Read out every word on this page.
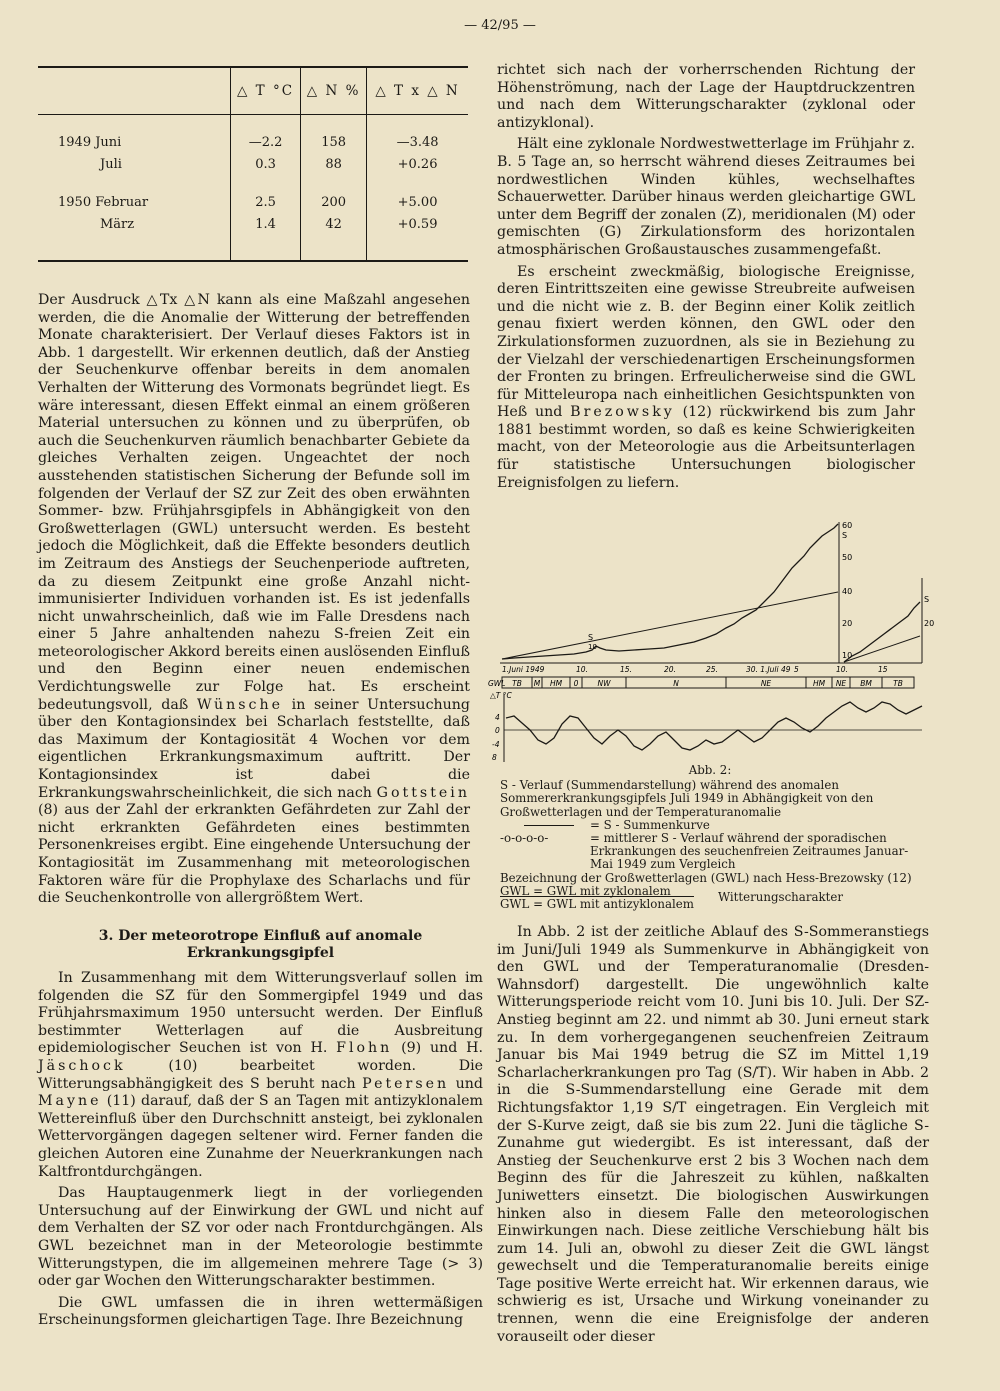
— 42/95 —
	△ T °C	△ N %	△ T x △ N

1949 Juni	—2.2	158	—3.48
Juli	0.3	88	+0.26

1950 Februar	2.5	200	+5.00
März	1.4	42	+0.59

Der Ausdruck △Tx △N kann als eine Maßzahl angesehen werden, die die Anomalie der Witterung der betreffenden Monate charakterisiert. Der Verlauf dieses Faktors ist in Abb. 1 dargestellt. Wir erkennen deutlich, daß der Anstieg der Seuchenkurve offenbar bereits in dem anomalen Verhalten der Witterung des Vormonats begründet liegt. Es wäre interessant, diesen Effekt einmal an einem größeren Material untersuchen zu können und zu überprüfen, ob auch die Seuchenkurven räumlich benachbarter Gebiete da gleiches Verhalten zeigen. Ungeachtet der noch ausstehenden statistischen Sicherung der Befunde soll im folgenden der Verlauf der SZ zur Zeit des oben erwähnten Sommer- bzw. Frühjahrsgipfels in Abhängigkeit von den Großwetterlagen (GWL) untersucht werden. Es besteht jedoch die Möglichkeit, daß die Effekte besonders deutlich im Zeitraum des Anstiegs der Seuchenperiode auftreten, da zu diesem Zeitpunkt eine große Anzahl nicht-immunisierter Individuen vorhanden ist. Es ist jedenfalls nicht unwahrscheinlich, daß wie im Falle Dresdens nach einer 5 Jahre anhaltenden nahezu S-freien Zeit ein meteorologischer Akkord bereits einen auslösenden Einfluß und den Beginn einer neuen endemischen Verdichtungswelle zur Folge hat. Es erscheint bedeutungsvoll, daß Wünsche in seiner Untersuchung über den Kontagionsindex bei Scharlach feststellte, daß das Maximum der Kontagiosität 4 Wochen vor dem eigentlichen Erkrankungsmaximum auftritt. Der Kontagionsindex ist dabei die Erkrankungswahrscheinlichkeit, die sich nach Gottstein (8) aus der Zahl der erkrankten Gefährdeten zur Zahl der nicht erkrankten Gefährdeten eines bestimmten Personenkreises ergibt. Eine eingehende Untersuchung der Kontagiosität im Zusammenhang mit meteorologischen Faktoren wäre für die Prophylaxe des Scharlachs und für die Seuchenkontrolle von allergrößtem Wert.

3. Der meteorotrope Einfluß auf anomale
Erkrankungsgipfel

In Zusammenhang mit dem Witterungsverlauf sollen im folgenden die SZ für den Sommergipfel 1949 und das Frühjahrsmaximum 1950 untersucht werden. Der Einfluß bestimmter Wetterlagen auf die Ausbreitung epidemiologischer Seuchen ist von H. Flohn (9) und H. Jäschock	(10) bearbeitet worden. Die Witterungsabhängigkeit des S beruht nach Petersen und Mayne (11) darauf, daß der S an Tagen mit antizyklonalem Wettereinfluß über den Durchschnitt ansteigt, bei zyklonalen Wettervorgängen dagegen seltener wird. Ferner fanden die gleichen Autoren eine Zunahme der Neuerkrankungen nach Kaltfrontdurchgängen.

Das Hauptaugenmerk liegt in der vorliegenden Untersuchung auf der Einwirkung der GWL und nicht auf dem Verhalten der SZ vor oder nach Frontdurchgängen. Als GWL bezeichnet man in der Meteorologie bestimmte Witterungstypen, die im allgemeinen mehrere Tage (> 3) oder gar Wochen den Witterungscharakter bestimmen.

Die GWL umfassen die in ihren wettermäßigen Erscheinungsformen gleichartigen Tage. Ihre Bezeichnung

richtet sich nach der vorherrschenden Richtung der Höhenströmung, nach der Lage der Hauptdruckzentren und nach dem Witterungscharakter (zyklonal oder antizyklonal).

Hält eine zyklonale Nordwestwetterlage im Frühjahr z. B. 5 Tage an, so herrscht während dieses Zeitraumes bei nordwestlichen Winden kühles, wechselhaftes Schauerwetter. Darüber hinaus werden gleichartige GWL unter dem Begriff der zonalen (Z), meridionalen (M) oder gemischten (G) Zirkulationsform des horizontalen atmosphärischen Großaustausches zusammengefaßt.

Es erscheint zweckmäßig, biologische Ereignisse, deren Eintrittszeiten eine gewisse Streubreite aufweisen und die nicht wie z. B. der Beginn einer Kolik zeitlich genau fixiert werden können, den GWL oder den Zirkulationsformen zuzuordnen, als sie in Beziehung zu der Vielzahl der verschiedenartigen Erscheinungsformen der Fronten zu bringen. Erfreulicherweise sind die GWL für Mitteleuropa nach einheitlichen Gesichtspunkten von Heß und Brezowsky (12) rückwirkend bis zum Jahr 1881 bestimmt worden, so daß es keine Schwierigkeiten macht, von der Meteorologie aus die Arbeitsunterlagen für statistische Untersuchungen biologischer Ereignisfolgen zu liefern.

60
S
50
40
S
20	20
10
S
10
1.Juni 1949	10.	15.	20.	25.	30. 1.Juli 49 5	10.	15
GWL TB M HM 0	NW	N	NE	HM NE BM	TB
△T °C
4
0
-4
8
Abb. 2:
S - Verlauf (Summendarstellung) während des anomalen Sommererkrankungsgipfels Juli 1949 in Abhängigkeit von den Großwetterlagen und der Temperaturanomalie
= S - Summenkurve
-o-o-o-o-	= mittlerer S - Verlauf während der sporadischen Erkrankungen des seuchenfreien Zeitraumes Januar-Mai 1949 zum Vergleich
Bezeichnung der Großwetterlagen (GWL) nach Hess-Brezowsky (12)
GWL = GWL mit zyklonalem
GWL = GWL mit antizyklonalem Witterungscharakter

In Abb. 2 ist der zeitliche Ablauf des S-Sommeranstiegs im Juni/Juli 1949 als Summenkurve in Abhängigkeit von den GWL und der Temperaturanomalie (Dresden-Wahnsdorf) dargestellt. Die ungewöhnlich kalte Witterungsperiode reicht vom 10. Juni bis 10. Juli. Der SZ-Anstieg beginnt am 22. und nimmt ab 30. Juni erneut stark zu. In dem vorhergegangenen seuchenfreien Zeitraum Januar bis Mai 1949 betrug die SZ im Mittel 1,19 Scharlacherkrankungen pro Tag (S/T). Wir haben in Abb. 2 in die S-Summendarstellung eine Gerade mit dem Richtungsfaktor 1,19 S/T eingetragen. Ein Vergleich mit der S-Kurve zeigt, daß sie bis zum 22. Juni die tägliche S-Zunahme gut wiedergibt. Es ist interessant, daß der Anstieg der Seuchenkurve erst 2 bis 3 Wochen nach dem Beginn des für die Jahreszeit zu kühlen, naßkalten Juniwetters einsetzt. Die biologischen Auswirkungen hinken also in diesem Falle den meteorologischen Einwirkungen nach. Diese zeitliche Verschiebung hält bis zum 14. Juli an, obwohl zu dieser Zeit die GWL längst gewechselt und die Temperaturanomalie bereits einige Tage positive Werte erreicht hat. Wir erkennen daraus, wie schwierig es ist, Ursache und Wirkung voneinander zu trennen, wenn die eine Ereignisfolge der anderen vorauseilt oder dieser
